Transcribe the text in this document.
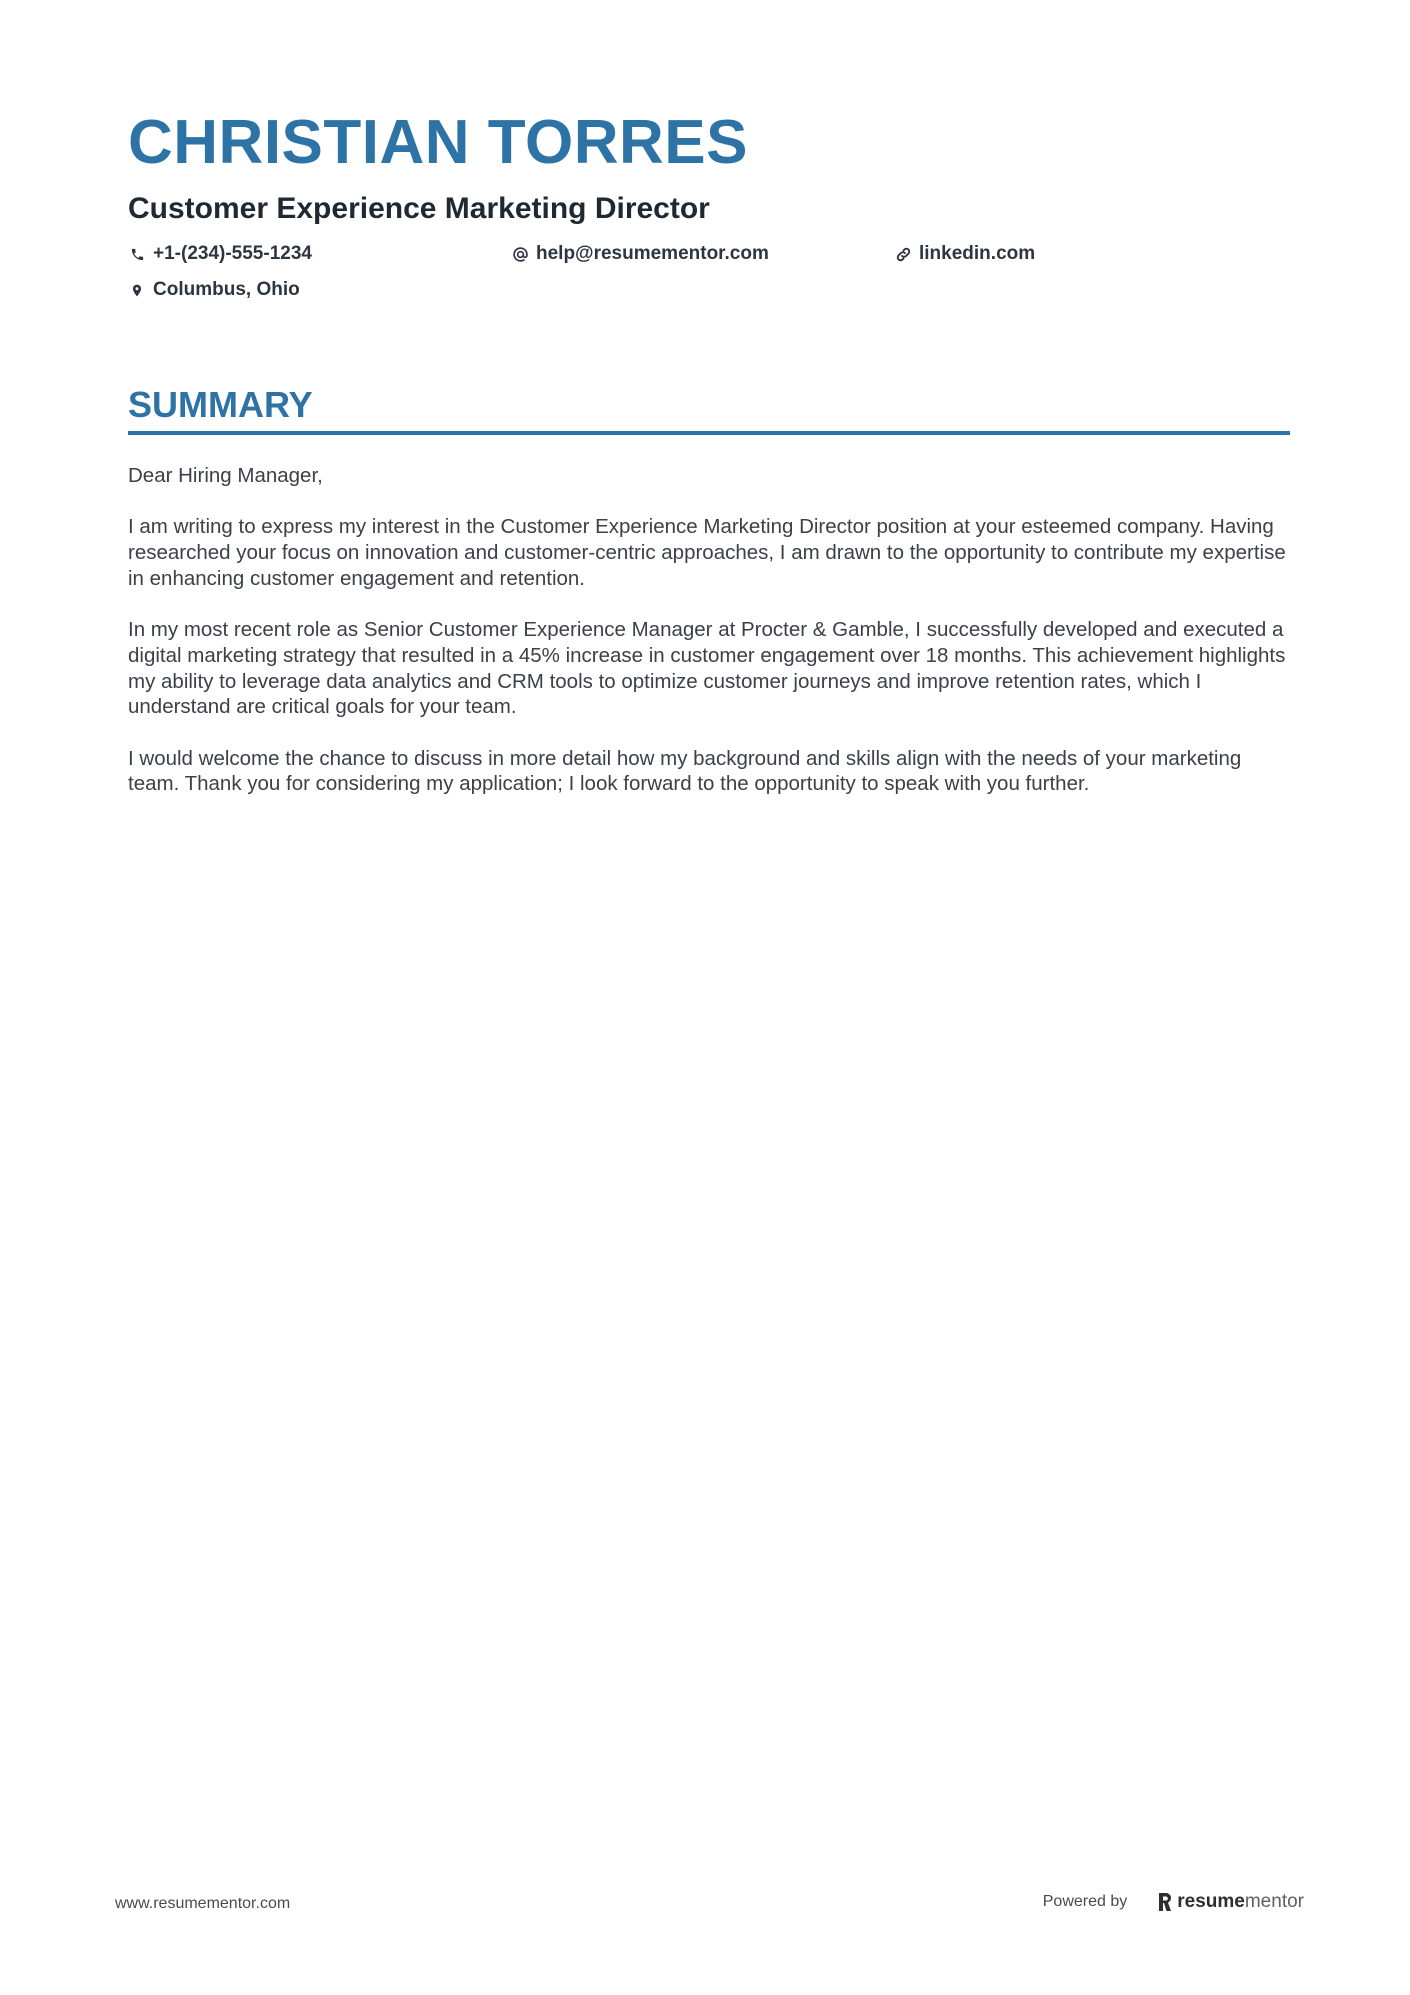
CHRISTIAN TORRES
Customer Experience Marketing Director
+1-(234)-555-1234	help@resumementor.com	linkedin.com
Columbus, Ohio
SUMMARY

Dear Hiring Manager,

I am writing to express my interest in the Customer Experience Marketing Director position at your esteemed company. Having researched your focus on innovation and customer-centric approaches, I am drawn to the opportunity to contribute my expertise in enhancing customer engagement and retention.

In my most recent role as Senior Customer Experience Manager at Procter & Gamble, I successfully developed and executed a digital marketing strategy that resulted in a 45% increase in customer engagement over 18 months. This achievement highlights my ability to leverage data analytics and CRM tools to optimize customer journeys and improve retention rates, which I understand are critical goals for your team.

I would welcome the chance to discuss in more detail how my background and skills align with the needs of your marketing team. Thank you for considering my application; I look forward to the opportunity to speak with you further.

www.resumementor.com	Powered by	resume mentor
